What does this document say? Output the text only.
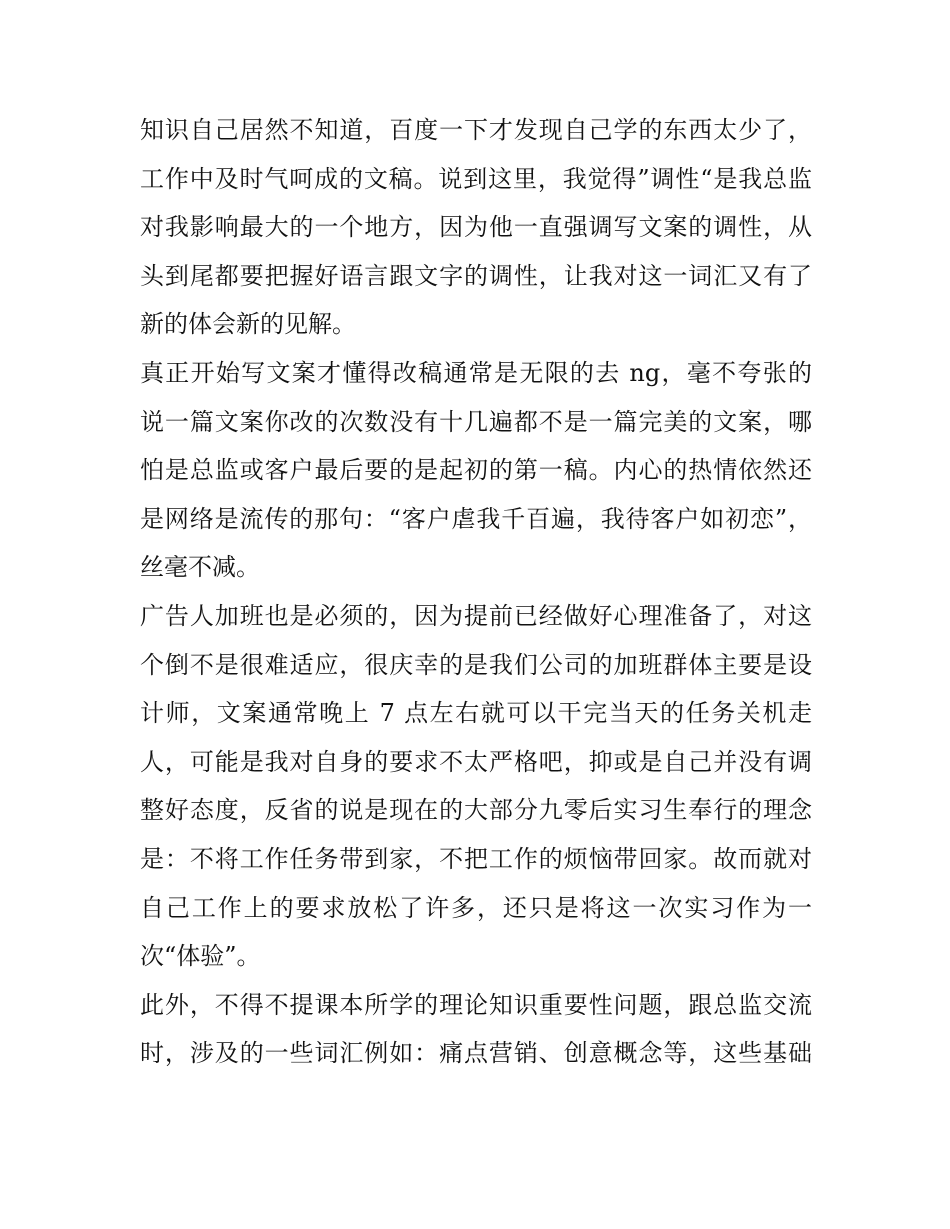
知识自己居然不知道，百度一下才发现自己学的东西太少了，
工作中及时气呵成的文稿。说到这里，我觉得”调性“是我总监
对我影响最大的一个地方，因为他一直强调写文案的调性，从
头到尾都要把握好语言跟文字的调性，让我对这一词汇又有了
新的体会新的见解。
真正开始写文案才懂得改稿通常是无限的去 ng，毫不夸张的
说一篇文案你改的次数没有十几遍都不是一篇完美的文案，哪
怕是总监或客户最后要的是起初的第一稿。内心的热情依然还
是网络是流传的那句：“客户虐我千百遍，我待客户如初恋”，
丝毫不减。
广告人加班也是必须的，因为提前已经做好心理准备了，对这
个倒不是很难适应，很庆幸的是我们公司的加班群体主要是设
计师，文案通常晚上 7 点左右就可以干完当天的任务关机走
人，可能是我对自身的要求不太严格吧，抑或是自己并没有调
整好态度，反省的说是现在的大部分九零后实习生奉行的理念
是：不将工作任务带到家，不把工作的烦恼带回家。故而就对
自己工作上的要求放松了许多，还只是将这一次实习作为一
次“体验”。
此外，不得不提课本所学的理论知识重要性问题，跟总监交流
时，涉及的一些词汇例如：痛点营销、创意概念等，这些基础
